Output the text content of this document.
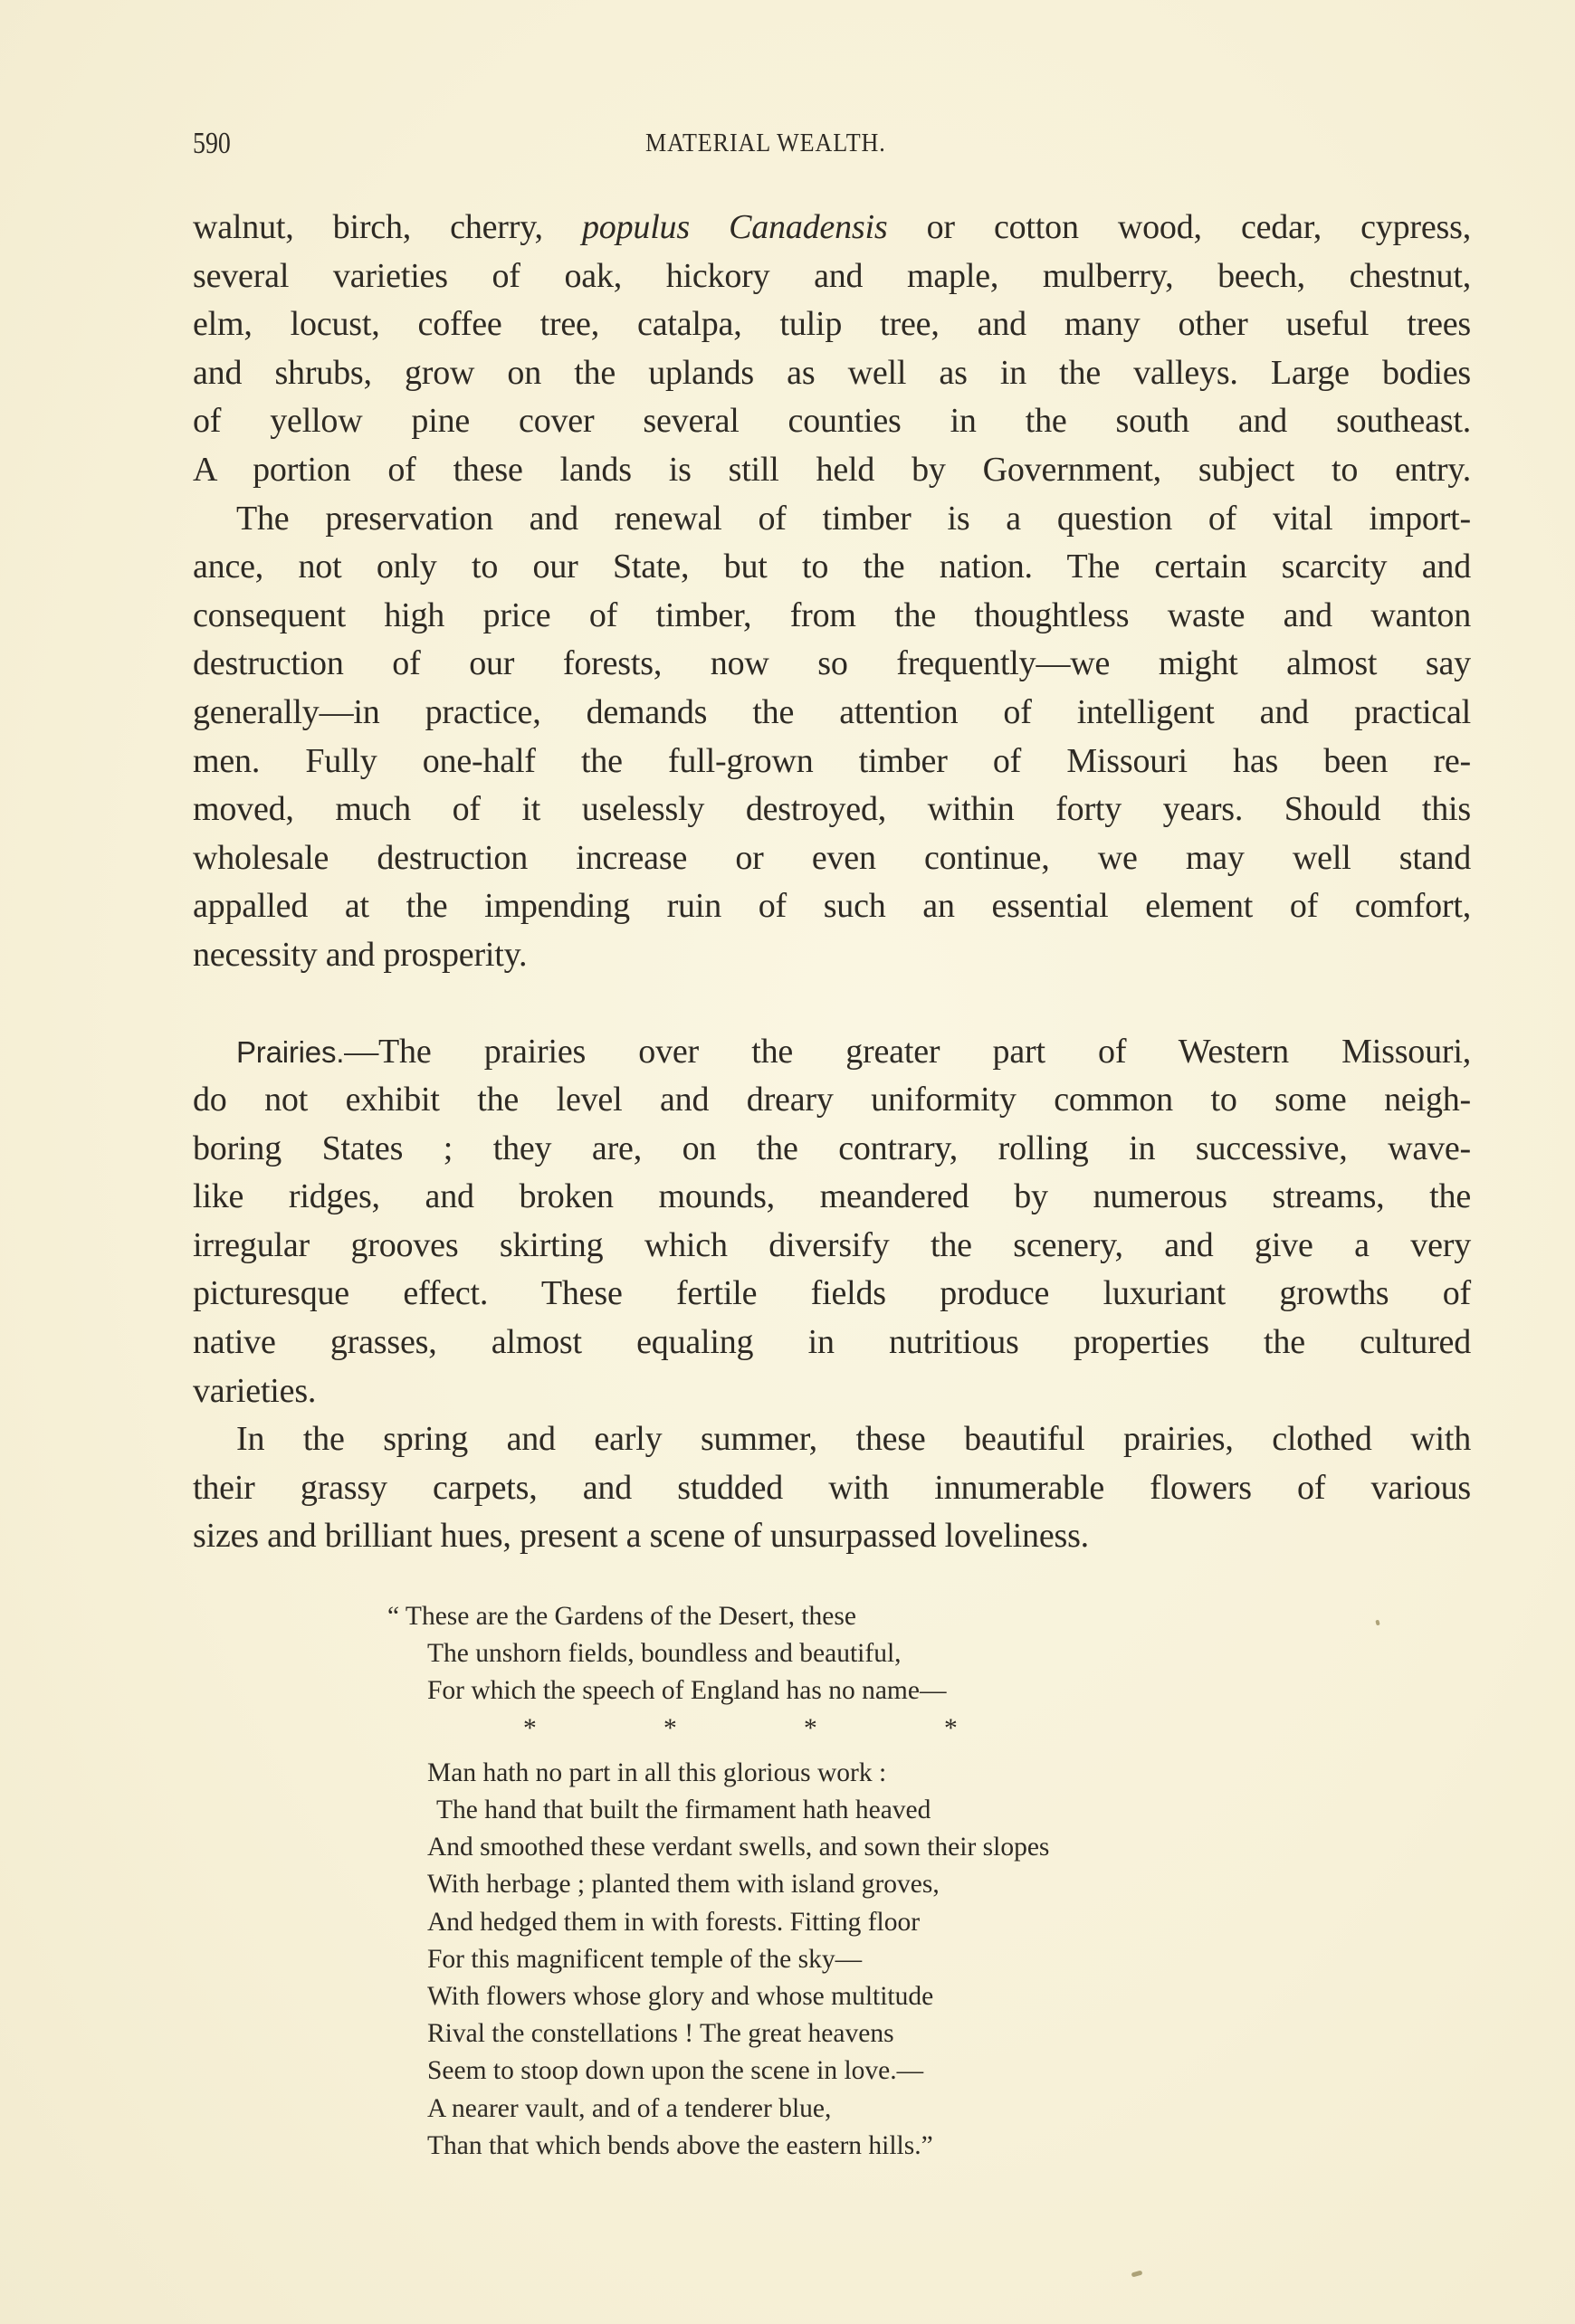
590	MATERIAL WEALTH.

walnut, birch, cherry, populus Canadensis or cotton wood, cedar, cypress,
several varieties of oak, hickory and maple, mulberry, beech, chestnut,
elm, locust, coffee tree, catalpa, tulip tree, and many other useful trees
and shrubs, grow on the uplands as well as in the valleys. Large bodies
of yellow pine cover several counties in the south and southeast.
A portion of these lands is still held by Government, subject to entry.

The preservation and renewal of timber is a question of vital import-
ance, not only to our State, but to the nation. The certain scarcity and
consequent high price of timber, from the thoughtless waste and wanton
destruction of our forests, now so frequently—we might almost say
generally—in practice, demands the attention of intelligent and practical
men. Fully one-half the full-grown timber of Missouri has been re-
moved, much of it uselessly destroyed, within forty years. Should this
wholesale destruction increase or even continue, we may well stand
appalled at the impending ruin of such an essential element of comfort,
necessity and prosperity.

Prairies.—The prairies over the greater part of Western Missouri,
do not exhibit the level and dreary uniformity common to some neigh-
boring States ; they are, on the contrary, rolling in successive, wave-
like ridges, and broken mounds, meandered by numerous streams, the
irregular grooves skirting which diversify the scenery, and give a very
picturesque effect. These fertile fields produce luxuriant growths of
native grasses, almost equaling in nutritious properties the cultured
varieties.

In the spring and early summer, these beautiful prairies, clothed with
their grassy carpets, and studded with innumerable flowers of various
sizes and brilliant hues, present a scene of unsurpassed loveliness.

“ These are the Gardens of the Desert, these
The unshorn fields, boundless and beautiful,
For which the speech of England has no name—
*	*	*	*
Man hath no part in all this glorious work :
The hand that built the firmament hath heaved
And smoothed these verdant swells, and sown their slopes
With herbage ; planted them with island groves,
And hedged them in with forests. Fitting floor
For this magnificent temple of the sky—
With flowers whose glory and whose multitude
Rival the constellations ! The great heavens
Seem to stoop down upon the scene in love.—
A nearer vault, and of a tenderer blue,
Than that which bends above the eastern hills.”
